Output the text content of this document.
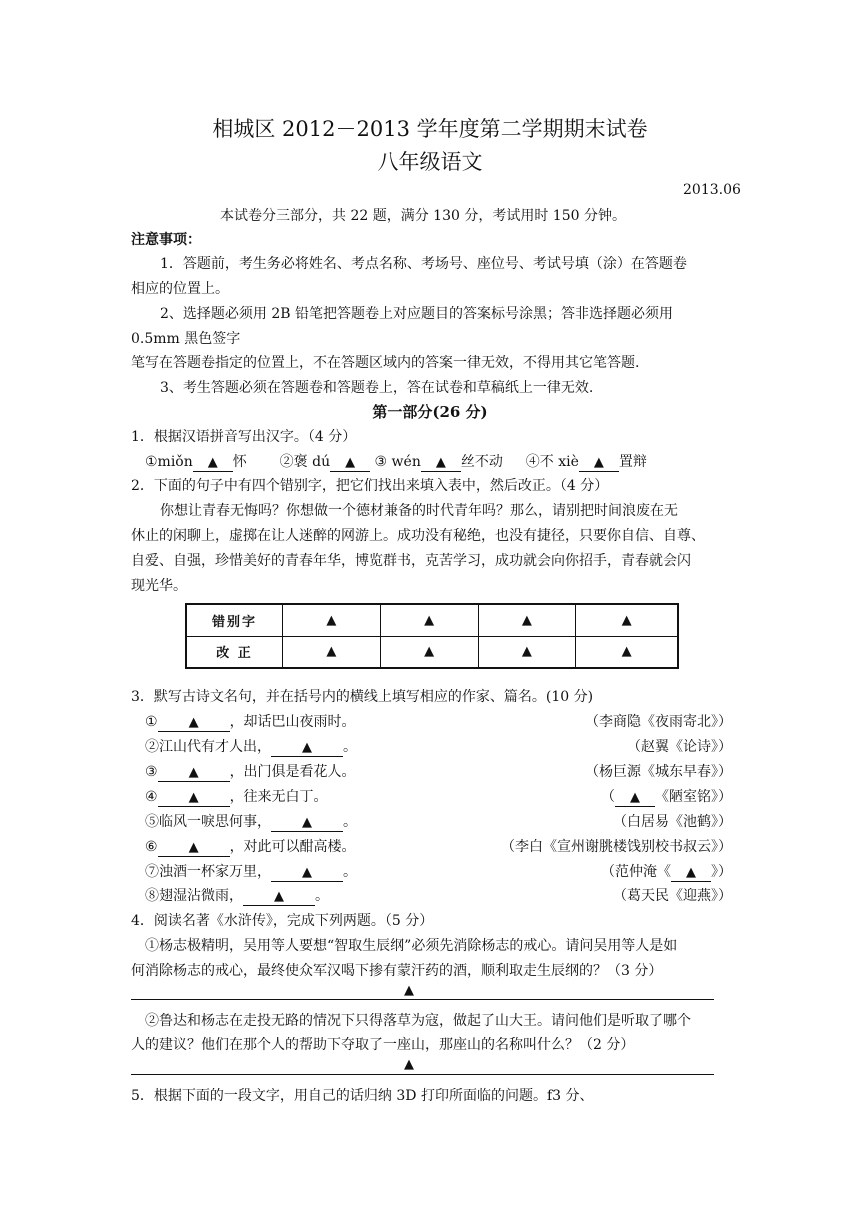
相城区 2012－2013 学年度第二学期期末试卷
八年级语文
2013.06
本试卷分三部分，共 22 题，满分 130 分，考试用时 150 分钟。
注意事项：
1．答题前，考生务必将姓名、考点名称、考场号、座位号、考试号填（涂）在答题卷
相应的位置上。
2、选择题必须用 2B 铅笔把答题卷上对应题目的答案标号涂黑；答非选择题必须用
0.5mm 黑色签字
笔写在答题卷指定的位置上，不在答题区域内的答案一律无效，不得用其它笔答题.
3、考生答题必须在答题卷和答题卷上，答在试卷和草稿纸上一律无效.
第一部分(26 分)
1．根据汉语拼音写出汉字。（4 分）
①miǒn ▲ 怀 ②褒 dú ▲ ③ wén ▲ 丝不动 ④不 xiè ▲ 置辩
2．下面的句子中有四个错别字，把它们找出来填入表中，然后改正。（4 分）
你想让青春无悔吗？你想做一个德材兼备的时代青年吗？那么，请别把时间浪废在无
休止的闲聊上，虚掷在让人迷醉的网游上。成功没有秘绝，也没有捷径，只要你自信、自尊、
自爱、自强，珍惜美好的青春年华，博览群书，克苦学习，成功就会向你招手，青春就会闪
现光华。
错别字	▲	▲	▲	▲
改 正	▲	▲	▲	▲
3．默写古诗文名句，并在括号内的横线上填写相应的作家、篇名。(10 分)
① ▲ ，却话巴山夜雨时。	（李商隐《夜雨寄北》）
②江山代有才人出， ▲ 。	（赵翼《论诗》）
③ ▲ ，出门俱是看花人。	（杨巨源《城东早春》）
④ ▲ ，往来无白丁。	（ ▲ 《陋室铭》）
⑤临风一唳思何事， ▲ 。	（白居易《池鹤》）
⑥ ▲ ，对此可以酣高楼。	（李白《宣州谢朓楼饯别校书叔云》）
⑦浊酒一杯家万里， ▲ 。	（范仲淹《 ▲ 》）
⑧翅湿沾微雨， ▲ 。	（葛天民《迎燕》）
4．阅读名著《水浒传》，完成下列两题。（5 分）
①杨志极精明，吴用等人要想“智取生辰纲”必须先消除杨志的戒心。请问吴用等人是如
何消除杨志的戒心，最终使众军汉喝下掺有蒙汗药的酒，顺利取走生辰纲的？（3 分）
▲
②鲁达和杨志在走投无路的情况下只得落草为寇，做起了山大王。请问他们是听取了哪个
人的建议？他们在那个人的帮助下夺取了一座山，那座山的名称叫什么？（2 分）
▲
5．根据下面的一段文字，用自己的话归纳 3D 打印所面临的问题。f3 分、
